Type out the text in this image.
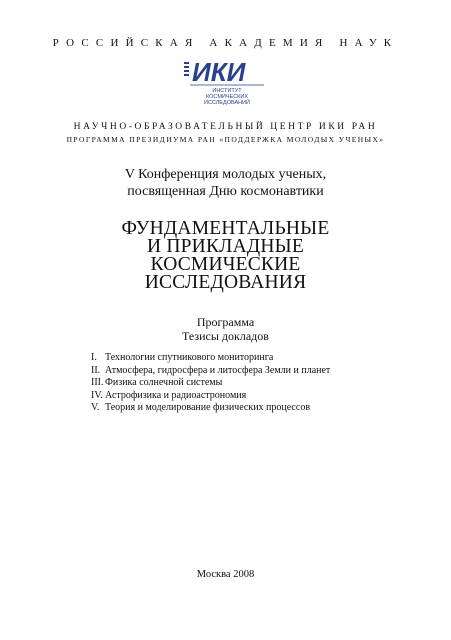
РОССИЙСКАЯ АКАДЕМИЯ НАУК
ИКИ
ИНСТИТУТ
КОСМИЧЕСКИХ
ИССЛЕДОВАНИЙ
НАУЧНО-ОБРАЗОВАТЕЛЬНЫЙ ЦЕНТР ИКИ РАН
ПРОГРАММА ПРЕЗИДИУМА РАН «ПОДДЕРЖКА МОЛОДЫХ УЧЕНЫХ»
V Конференция молодых ученых,
посвященная Дню космонавтики
ФУНДАМЕНТАЛЬНЫЕ
И ПРИКЛАДНЫЕ
КОСМИЧЕСКИЕ
ИССЛЕДОВАНИЯ
Программа
Тезисы докладов
I. Технологии спутникового мониторинга
II. Атмосфера, гидросфера и литосфера Земли и планет
III. Физика солнечной системы
IV. Астрофизика и радиоастрономия
V. Теория и моделирование физических процессов
Москва 2008
